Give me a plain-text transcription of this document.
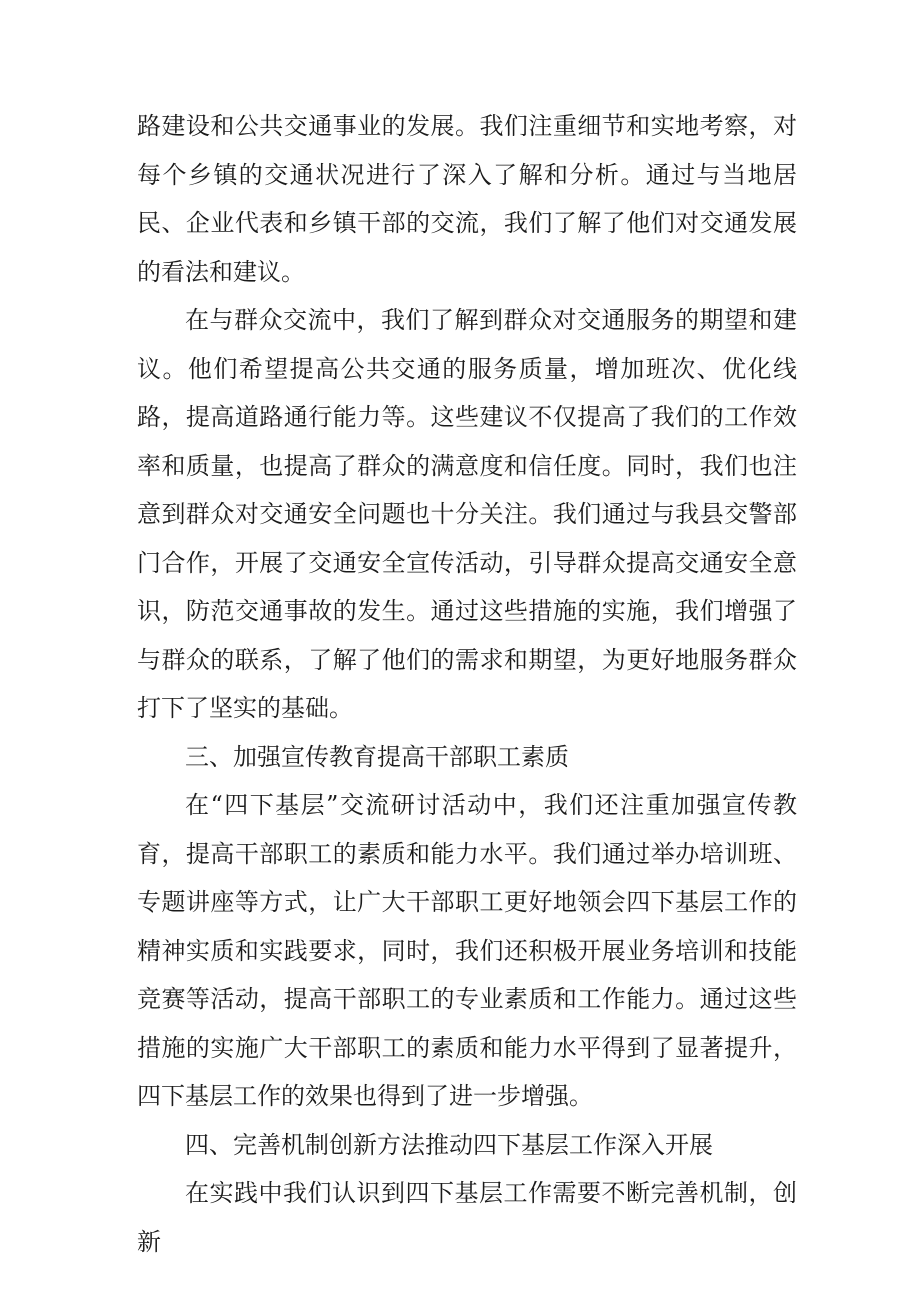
路建设和公共交通事业的发展。我们注重细节和实地考察，对每个乡镇的交通状况进行了深入了解和分析。通过与当地居民、企业代表和乡镇干部的交流，我们了解了他们对交通发展的看法和建议。

在与群众交流中，我们了解到群众对交通服务的期望和建议。他们希望提高公共交通的服务质量，增加班次、优化线路，提高道路通行能力等。这些建议不仅提高了我们的工作效率和质量，也提高了群众的满意度和信任度。同时，我们也注意到群众对交通安全问题也十分关注。我们通过与我县交警部门合作，开展了交通安全宣传活动，引导群众提高交通安全意识，防范交通事故的发生。通过这些措施的实施，我们增强了与群众的联系，了解了他们的需求和期望，为更好地服务群众打下了坚实的基础。

三、加强宣传教育提高干部职工素质

在“四下基层”交流研讨活动中，我们还注重加强宣传教育，提高干部职工的素质和能力水平。我们通过举办培训班、专题讲座等方式，让广大干部职工更好地领会四下基层工作的精神实质和实践要求，同时，我们还积极开展业务培训和技能竞赛等活动，提高干部职工的专业素质和工作能力。通过这些措施的实施广大干部职工的素质和能力水平得到了显著提升，四下基层工作的效果也得到了进一步增强。

四、完善机制创新方法推动四下基层工作深入开展

在实践中我们认识到四下基层工作需要不断完善机制，创新
